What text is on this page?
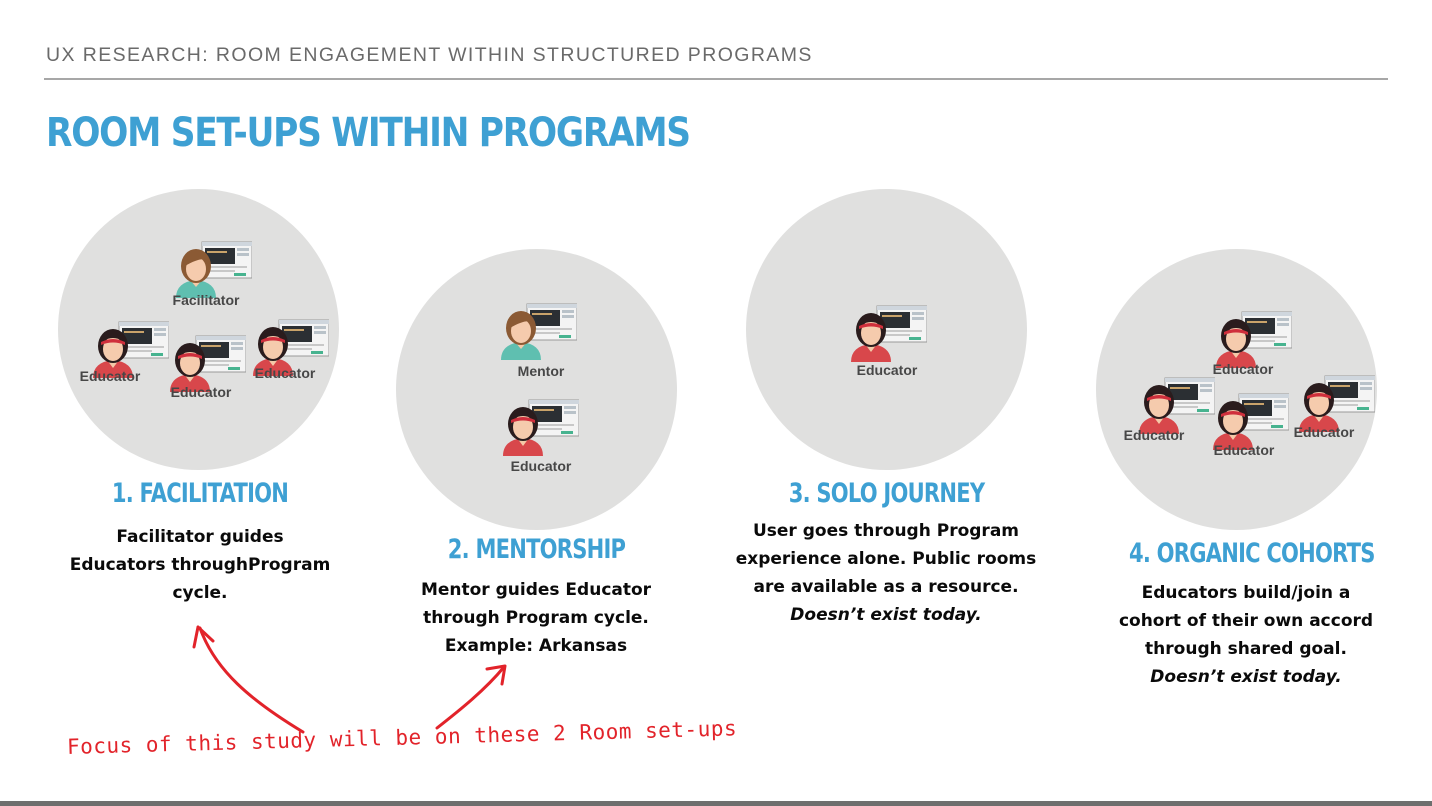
UX RESEARCH: ROOM ENGAGEMENT WITHIN STRUCTURED PROGRAMS
ROOM SET-UPS WITHIN PROGRAMS
Facilitator
Educator
Educator
Educator
1. FACILITATION
Facilitator guides
Educators throughProgram
cycle.
Mentor
Educator
2. MENTORSHIP
Mentor guides Educator
through Program cycle.
Example: Arkansas
Educator
3. SOLO JOURNEY
User goes through Program
experience alone. Public rooms
are available as a resource.
Doesn’t exist today.
Educator
Educator
Educator
Educator
4. ORGANIC COHORTS
Educators build/join a
cohort of their own accord
through shared goal.
Doesn’t exist today.
Focus of this study will be on these 2 Room set-ups
